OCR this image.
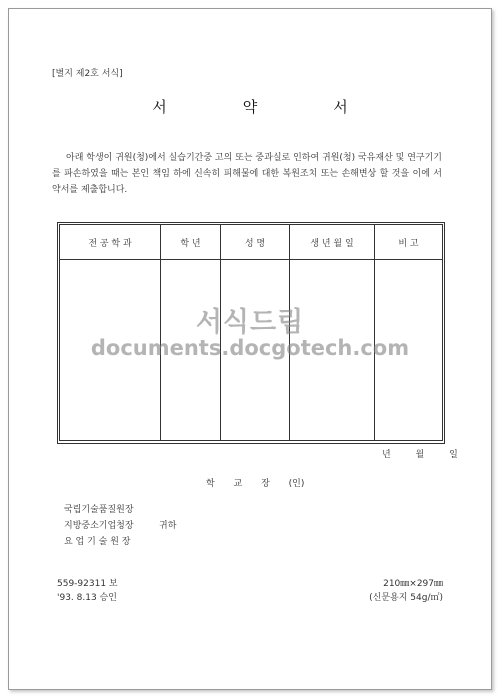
[별지 제2호 서식]
서	약	서
아래 학생이 귀원(청)에서 실습기간중 고의 또는 중과실로 인하여 귀원(청) 국유재산 및 연구기기를 파손하였을 때는 본인 책임 하에 신속히 피해물에 대한 복원조치 또는 손해변상 할 것을 이에 서약서를 제출합니다.
전 공 학 과	학 년	성 명	생 년 월 일	비 고

서식드림
documents.docgotech.com
년 월 일
학 교 장 (인)
국립기술품질원장
지방중소기업청장
요 업 기 술 원 장
귀하
559-92311 보
'93. 8.13 승인
210㎜×297㎜
(신문용지 54g/㎡)
